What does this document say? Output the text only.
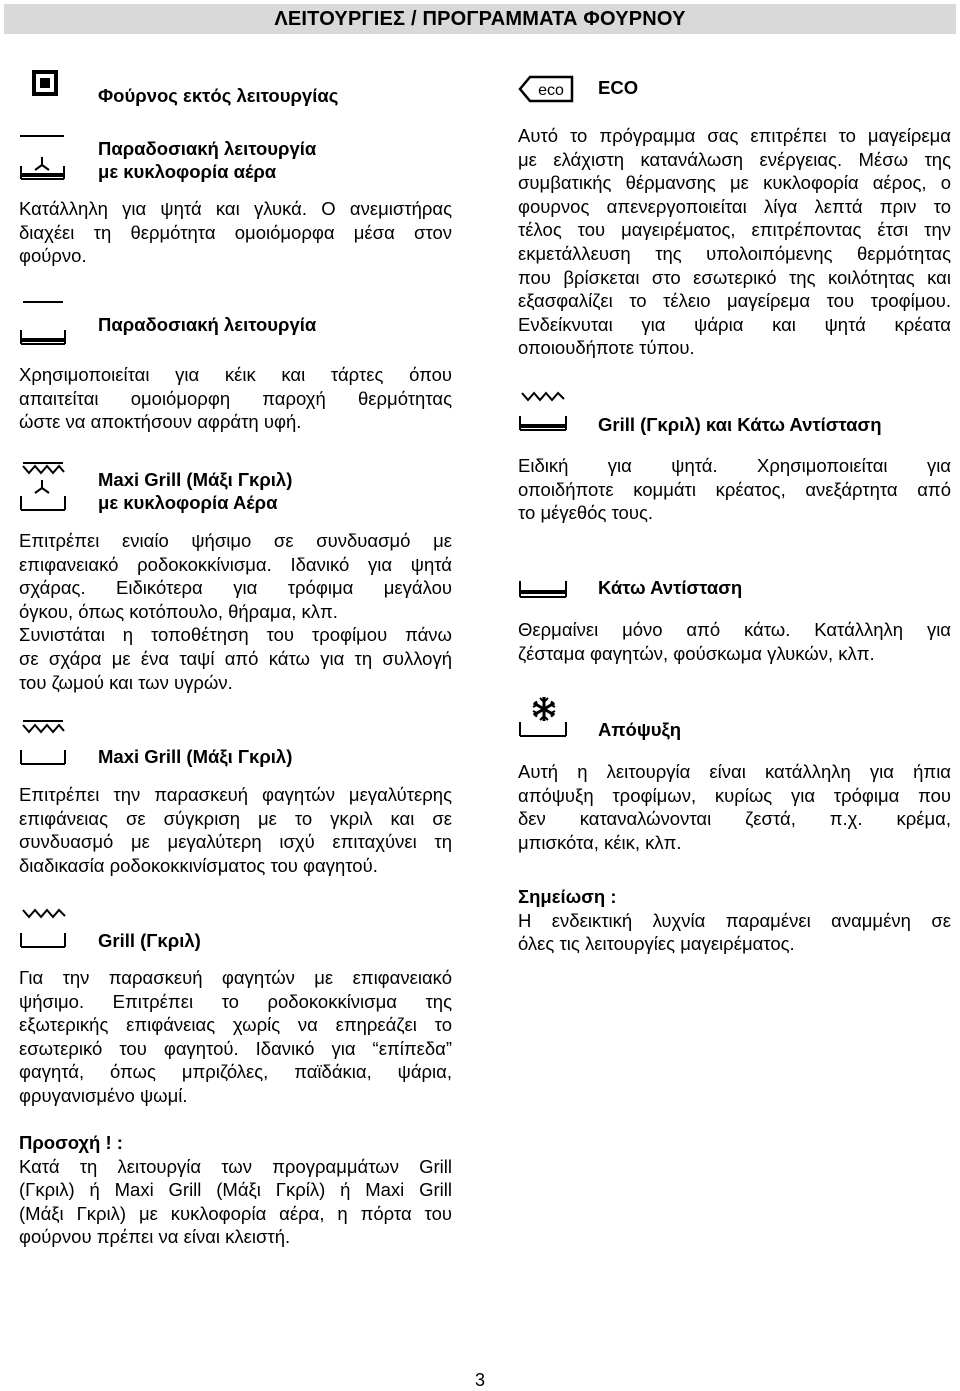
ΛΕΙΤΟΥΡΓΙΕΣ / ΠΡΟΓΡΑΜΜΑΤΑ ΦΟΥΡΝΟΥ
Φούρνος εκτός λειτουργίας
Παραδοσιακή λειτουργία
με κυκλοφορία αέρα
Κατάλληλη για ψητά και γλυκά. Ο ανεμιστήρας
διαχέει τη θερμότητα ομοιόμορφα μέσα στον
φούρνο.
Παραδοσιακή λειτουργία
Χρησιμοποιείται για κέικ και τάρτες όπου
απαιτείται ομοιόμορφη παροχή θερμότητας
ώστε να αποκτήσουν αφράτη υφή.
Maxi Grill (Μάξι Γκριλ)
με κυκλοφορία Αέρα
Επιτρέπει ενιαίο ψήσιμο σε συνδυασμό με
επιφανειακό ροδοκοκκίνισμα. Ιδανικό για ψητά
σχάρας. Ειδικότερα για τρόφιμα μεγάλου
όγκου, όπως κοτόπουλο, θήραμα, κλπ.
Συνιστάται η τοποθέτηση του τροφίμου πάνω
σε σχάρα με ένα ταψί από κάτω για τη συλλογή
του ζωμού και των υγρών.
Maxi Grill (Μάξι Γκριλ)
Επιτρέπει την παρασκευή φαγητών μεγαλύτερης
επιφάνειας σε σύγκριση με το γκριλ και σε
συνδυασμό με μεγαλύτερη ισχύ επιταχύνει τη
διαδικασία ροδοκοκκινίσματος του φαγητού.
Grill (Γκριλ)
Για την παρασκευή φαγητών με επιφανειακό
ψήσιμο. Επιτρέπει το ροδοκοκκίνισμα της
εξωτερικής επιφάνειας χωρίς να επηρεάζει το
εσωτερικό του φαγητού. Ιδανικό για “επίπεδα”
φαγητά, όπως μπριζόλες, παϊδάκια, ψάρια,
φρυγανισμένο ψωμί.
Προσοχή ! :
Κατά τη λειτουργία των προγραμμάτων Grill
(Γκριλ) ή Maxi Grill (Μάξι Γκρίλ) ή Maxi Grill
(Μάξι Γκριλ) με κυκλοφορία αέρα, η πόρτα του
φούρνου πρέπει να είναι κλειστή.
eco ECO
Αυτό το πρόγραμμα σας επιτρέπει το μαγείρεμα
με ελάχιστη κατανάλωση ενέργειας. Μέσω της
συμβατικής θέρμανσης με κυκλοφορία αέρος, ο
φουρνος απενεργοποιείται λίγα λεπτά πριν το
τέλος του μαγειρέματος, επιτρέποντας έτσι την
εκμετάλλευση της υπολοιπόμενης θερμότητας
που βρίσκεται στο εσωτερικό της κοιλότητας και
εξασφαλίζει το τέλειο μαγείρεμα του τροφίμου.
Ενδείκνυται για ψάρια και ψητά κρέατα
οποιουδήποτε τύπου.
Grill (Γκριλ) και Κάτω Αντίσταση
Ειδική για ψητά. Χρησιμοποιείται για
οποιδήποτε κομμάτι κρέατος, ανεξάρτητα από
το μέγεθός τους.
Κάτω Αντίσταση
Θερμαίνει μόνο από κάτω. Κατάλληλη για
ζέσταμα φαγητών, φούσκωμα γλυκών, κλπ.
Απόψυξη
Αυτή η λειτουργία είναι κατάλληλη για ήπια
απόψυξη τροφίμων, κυρίως για τρόφιμα που
δεν καταναλώνονται ζεστά, π.χ. κρέμα,
μπισκότα, κέικ, κλπ.
Σημείωση :
Η ενδεικτική λυχνία παραμένει αναμμένη σε
όλες τις λειτουργίες μαγειρέματος.
3
